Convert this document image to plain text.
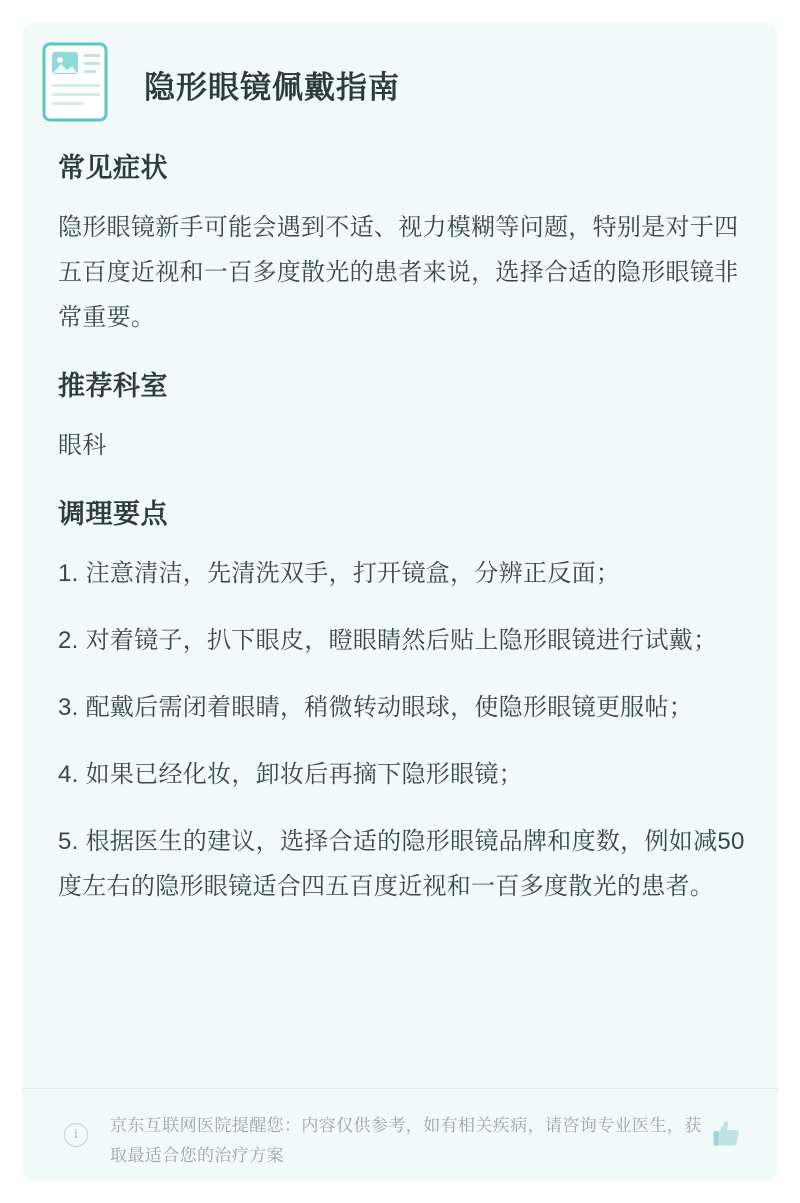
隐形眼镜佩戴指南
常见症状

隐形眼镜新手可能会遇到不适、视力模糊等问题，特别是对于四五百度近视和一百多度散光的患者来说，选择合适的隐形眼镜非常重要。

推荐科室

眼科

调理要点

1. 注意清洁，先清洗双手，打开镜盒，分辨正反面；

2. 对着镜子，扒下眼皮，瞪眼睛然后贴上隐形眼镜进行试戴；

3. 配戴后需闭着眼睛，稍微转动眼球，使隐形眼镜更服帖；

4. 如果已经化妆，卸妆后再摘下隐形眼镜；

5. 根据医生的建议，选择合适的隐形眼镜品牌和度数，例如减50度左右的隐形眼镜适合四五百度近视和一百多度散光的患者。

i	京东互联网医院提醒您：内容仅供参考，如有相关疾病，请咨询专业医生，获取最适合您的治疗方案
